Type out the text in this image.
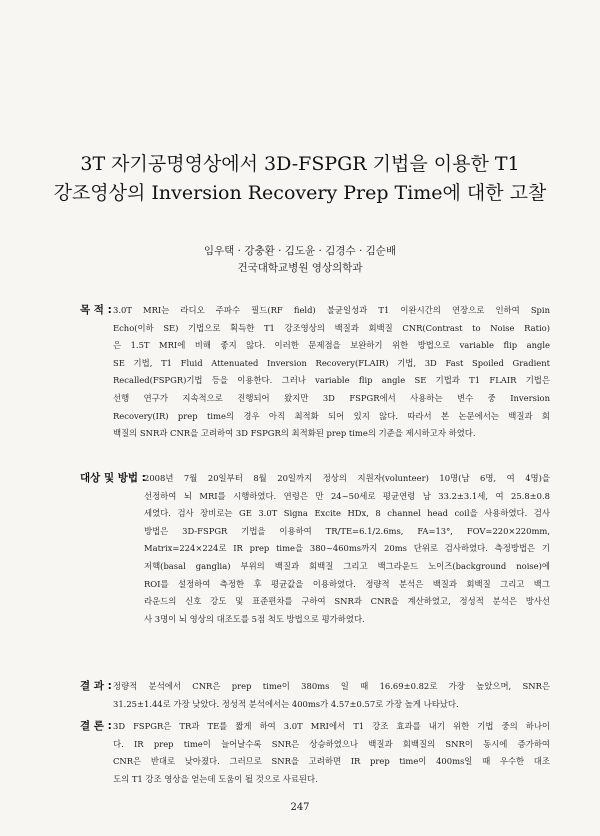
3T 자기공명영상에서 3D-FSPGR 기법을 이용한 T1
강조영상의 Inversion Recovery Prep Time에 대한 고찰
임우택 · 강충환 · 김도윤 · 김경수 · 김순배
건국대학교병원 영상의학과
목 적 : 3.0T MRI는 라디오 주파수 필드(RF field) 불균일성과 T1 이완시간의 연장으로 인하여 Spin
Echo(이하 SE) 기법으로 획득한 T1 강조영상의 백질과 회백질 CNR(Contrast to Noise Ratio)
은 1.5T MRI에 비해 좋지 않다. 이러한 문제점을 보완하기 위한 방법으로 variable flip angle
SE 기법, T1 Fluid Attenuated Inversion Recovery(FLAIR) 기법, 3D Fast Spoiled Gradient
Recalled(FSPGR)기법 등을 이용한다. 그러나 variable flip angle SE 기법과 T1 FLAIR 기법은
선행 연구가 지속적으로 진행되어 왔지만 3D FSPGR에서 사용하는 변수 중 Inversion
Recovery(IR) prep time의 경우 아직 최적화 되어 있지 않다. 따라서 본 논문에서는 백질과 회
백질의 SNR과 CNR을 고려하여 3D FSPGR의 최적화된 prep time의 기준을 제시하고자 하였다.
대상 및 방법 :
2008년 7월 20일부터 8월 20일까지 정상의 지원자(volunteer) 10명(남 6명, 여 4명)을
선정하여 뇌 MRI를 시행하였다. 연령은 만 24~50세로 평균연령 남 33.2±3.1세, 여 25.8±0.8
세였다. 검사 장비로는 GE 3.0T Signa Excite HDx, 8 channel head coil을 사용하였다. 검사
방법은 3D-FSPGR 기법을 이용하여 TR/TE=6.1/2.6ms, FA=13°, FOV=220×220mm,
Matrix=224×224로 IR prep time을 380~460ms까지 20ms 단위로 검사하였다. 측정방법은 기
저핵(basal ganglia) 부위의 백질과 회백질 그리고 백그라운드 노이즈(background noise)에
ROI를 설정하여 측정한 후 평균값을 이용하였다. 정량적 분석은 백질과 회백질 그리고 백그
라운드의 신호 강도 및 표준편차를 구하여 SNR과 CNR을 계산하였고, 정성적 분석은 방사선
사 3명이 뇌 영상의 대조도를 5점 척도 방법으로 평가하였다.
결 과 : 정량적 분석에서 CNR은 prep time이 380ms 일 때 16.69±0.82로 가장 높았으며, SNR은
31.25±1.44로 가장 낮았다. 정성적 분석에서는 400ms가 4.57±0.57로 가장 높게 나타났다.
결 론 : 3D FSPGR은 TR과 TE를 짧게 하여 3.0T MRI에서 T1 강조 효과를 내기 위한 기법 중의 하나이
다. IR prep time이 늘어날수록 SNR은 상승하였으나 백질과 회백질의 SNR이 동시에 증가하여
CNR은 반대로 낮아졌다. 그러므로 SNR을 고려하면 IR prep time이 400ms일 때 우수한 대조
도의 T1 강조 영상을 얻는데 도움이 될 것으로 사료된다.
247
